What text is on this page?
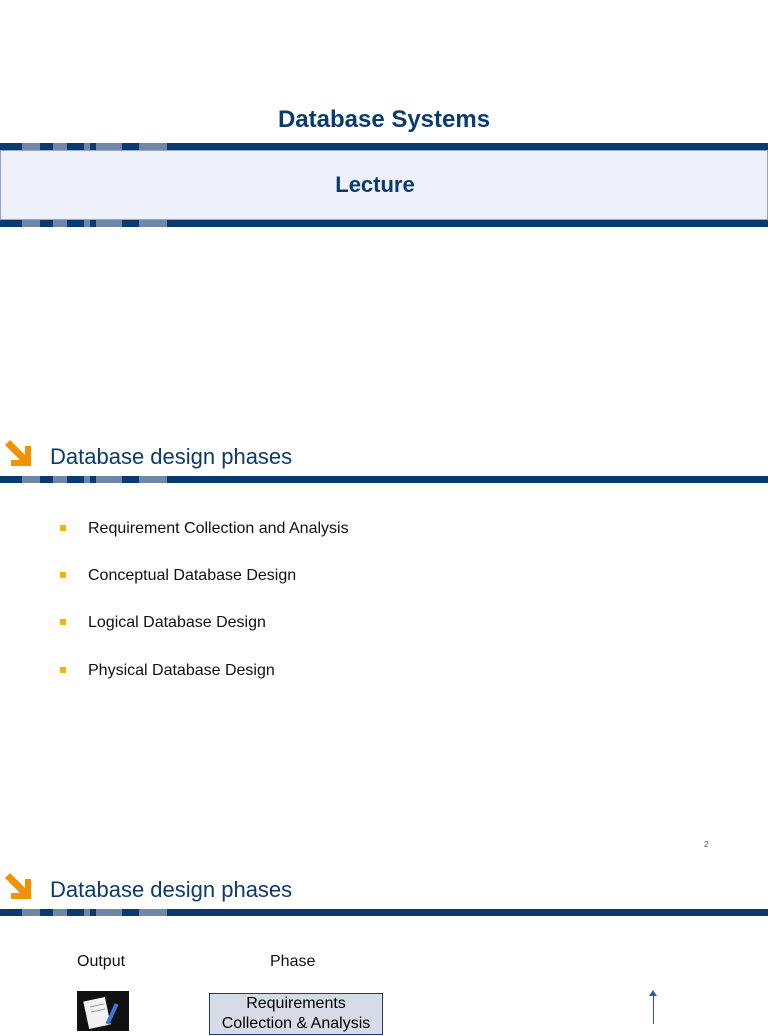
Database Systems
Lecture
Database design phases
Requirement Collection and Analysis
Conceptual Database Design
Logical Database Design
Physical Database Design
2
Database design phases
Output	Phase
Requirements
Collection & Analysis
